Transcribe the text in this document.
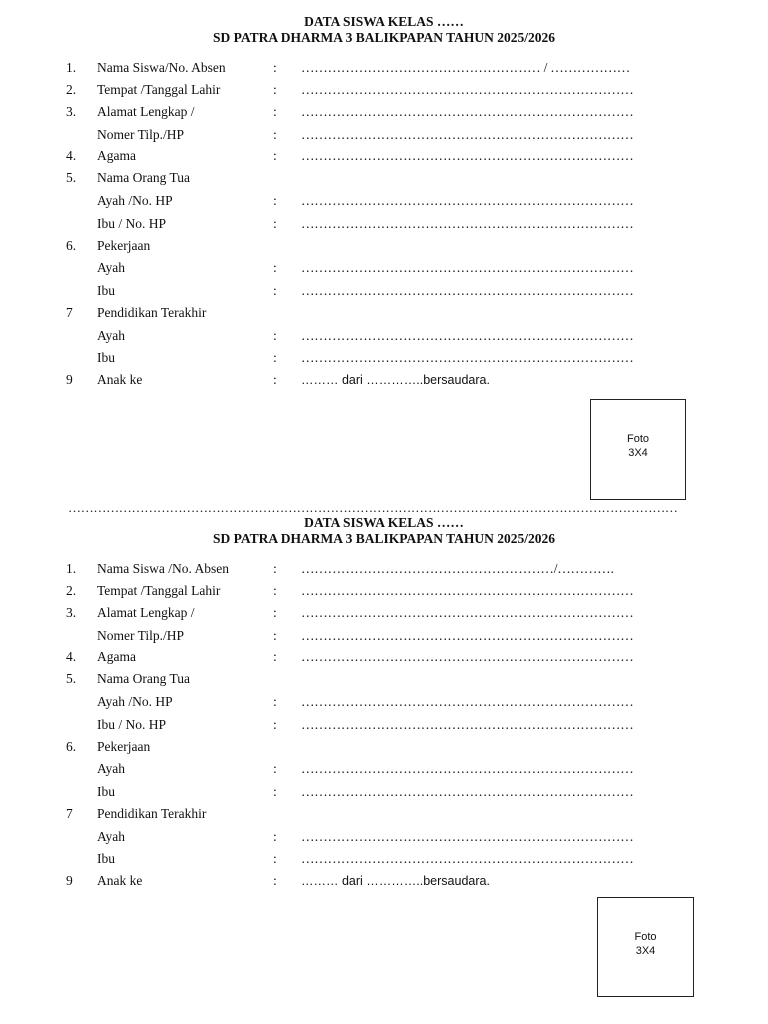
DATA SISWA KELAS ……
SD PATRA DHARMA 3 BALIKPAPAN TAHUN 2025/2026
1. Nama Siswa/No. Absen	: ……………………………………………… / ………………
2. Tempat /Tanggal Lahir	: …………………………………………………………………
3. Alamat Lengkap /	: …………………………………………………………………
Nomer Tilp./HP	: …………………………………………………………………
4. Agama	: …………………………………………………………………
5. Nama Orang Tua
Ayah /No. HP	: …………………………………………………………………
Ibu / No. HP	: …………………………………………………………………
6. Pekerjaan
Ayah	: …………………………………………………………………
Ibu	: …………………………………………………………………
7 Pendidikan Terakhir
Ayah	: …………………………………………………………………
Ibu	: …………………………………………………………………
9 Anak ke	: ……… dari …………..bersaudara.
Foto
3X4
………………………………………………………………………………………………………………………………
DATA SISWA KELAS ……
SD PATRA DHARMA 3 BALIKPAPAN TAHUN 2025/2026
1. Nama Siswa /No. Absen	: …………………………………………………/………….
2. Tempat /Tanggal Lahir	: …………………………………………………………………
3. Alamat Lengkap /	: …………………………………………………………………
Nomer Tilp./HP	: …………………………………………………………………
4. Agama	: …………………………………………………………………
5. Nama Orang Tua
Ayah /No. HP	: …………………………………………………………………
Ibu / No. HP	: …………………………………………………………………
6. Pekerjaan
Ayah	: …………………………………………………………………
Ibu	: …………………………………………………………………
7 Pendidikan Terakhir
Ayah	: …………………………………………………………………
Ibu	: …………………………………………………………………
9 Anak ke	: ……… dari …………..bersaudara.
Foto
3X4
